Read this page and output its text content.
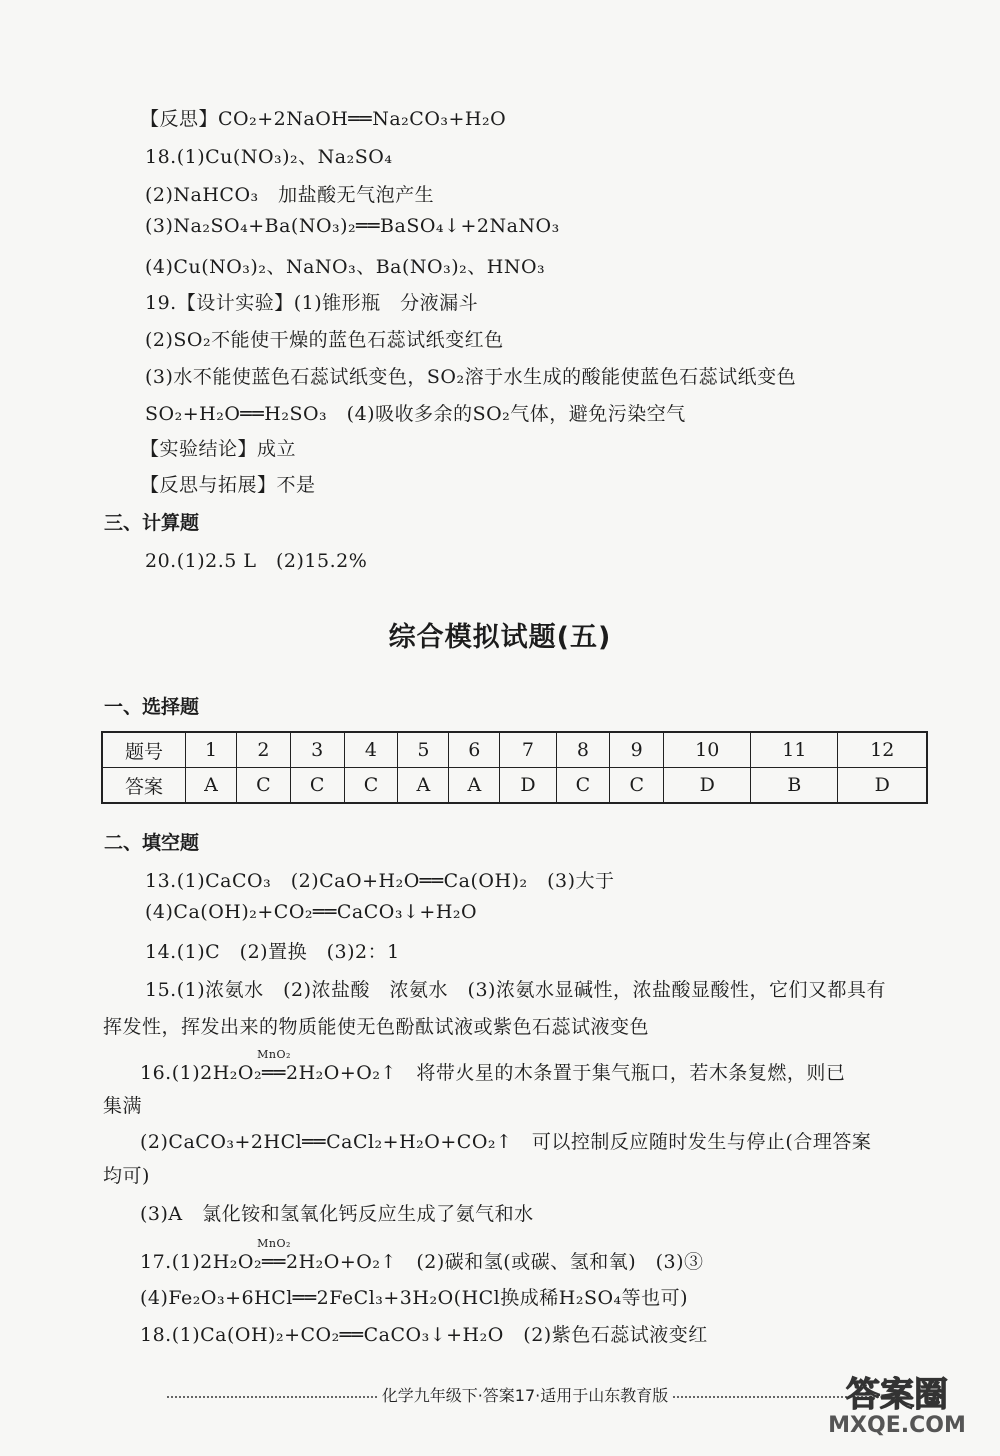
【反思】CO₂+2NaOH══Na₂CO₃+H₂O
18.(1)Cu(NO₃)₂、Na₂SO₄
(2)NaHCO₃　加盐酸无气泡产生
(3)Na₂SO₄+Ba(NO₃)₂══BaSO₄↓+2NaNO₃
(4)Cu(NO₃)₂、NaNO₃、Ba(NO₃)₂、HNO₃
19.【设计实验】(1)锥形瓶　分液漏斗
(2)SO₂不能使干燥的蓝色石蕊试纸变红色
(3)水不能使蓝色石蕊试纸变色，SO₂溶于水生成的酸能使蓝色石蕊试纸变色
SO₂+H₂O══H₂SO₃　(4)吸收多余的SO₂气体，避免污染空气
【实验结论】成立
【反思与拓展】不是
三、计算题
20.(1)2.5 L　(2)15.2%
综合模拟试题(五)
一、选择题
题号	1	2	3	4	5	6	7	8	9	10	11	12
答案	A	C	C	C	A	A	D	C	C	D	B	D
二、填空题
13.(1)CaCO₃　(2)CaO+H₂O══Ca(OH)₂　(3)大于
(4)Ca(OH)₂+CO₂══CaCO₃↓+H₂O
14.(1)C　(2)置换　(3)2：1
15.(1)浓氨水　(2)浓盐酸　浓氨水　(3)浓氨水显碱性，浓盐酸显酸性，它们又都具有
挥发性，挥发出来的物质能使无色酚酞试液或紫色石蕊试液变色
16.(1)2H₂O₂
MnO₂
══2H₂O+O₂↑　将带火星的木条置于集气瓶口，若木条复燃，则已
集满
(2)CaCO₃+2HCl══CaCl₂+H₂O+CO₂↑　可以控制反应随时发生与停止(合理答案
均可)
(3)A　氯化铵和氢氧化钙反应生成了氨气和水
17.(1)2H₂O₂
MnO₂
══2H₂O+O₂↑　(2)碳和氢(或碳、氢和氧)　(3)③
(4)Fe₂O₃+6HCl══2FeCl₃+3H₂O(HCl换成稀H₂SO₄等也可)
18.(1)Ca(OH)₂+CO₂══CaCO₃↓+H₂O　(2)紫色石蕊试液变红
化学九年级下·答案17·适用于山东教育版	答案圈
MXQE.COM
